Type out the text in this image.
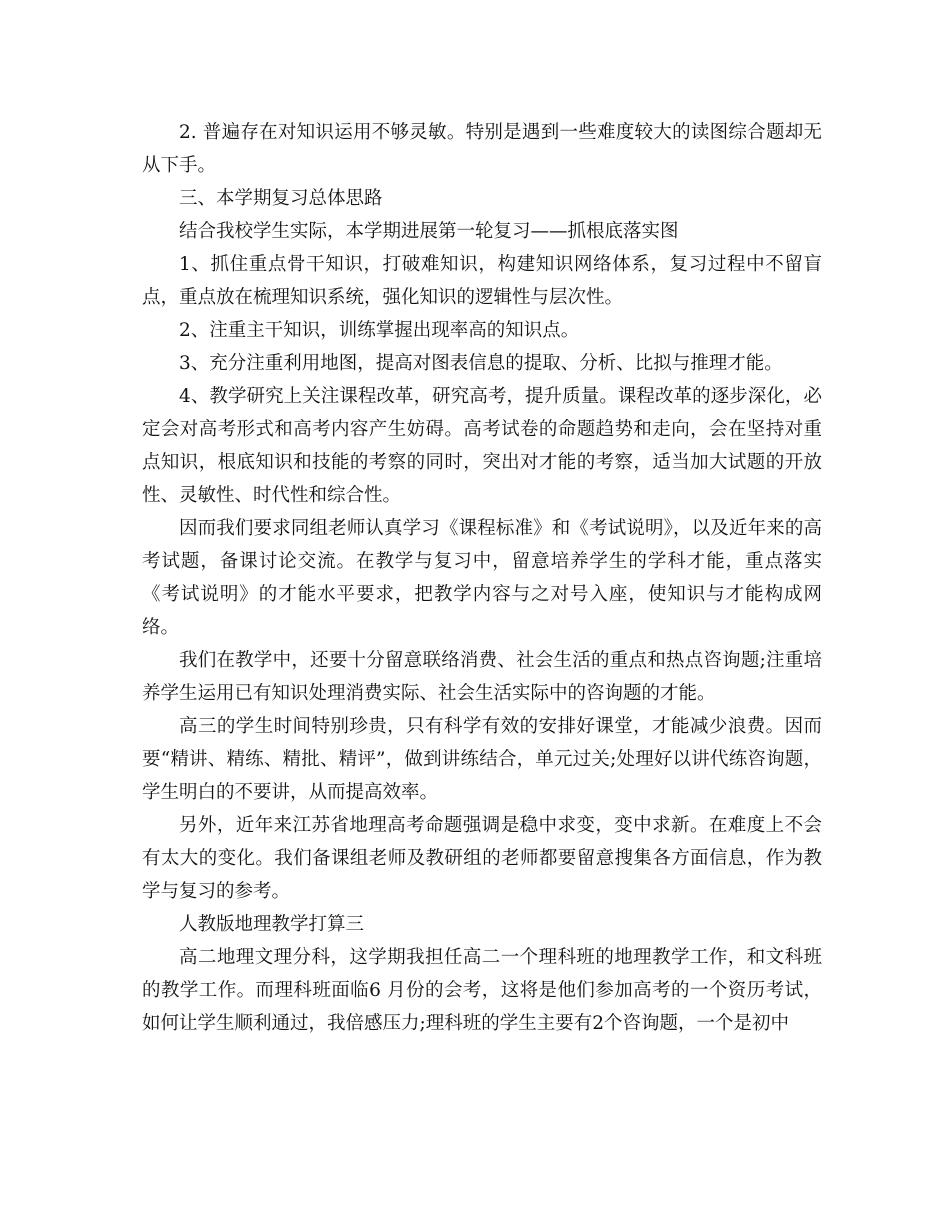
2. 普遍存在对知识运用不够灵敏。特别是遇到一些难度较大的读图综合题却无从下手。

三、本学期复习总体思路

结合我校学生实际，本学期进展第一轮复习——抓根底落实图

1、抓住重点骨干知识，打破难知识，构建知识网络体系，复习过程中不留盲点，重点放在梳理知识系统，强化知识的逻辑性与层次性。

2、注重主干知识，训练掌握出现率高的知识点。

3、充分注重利用地图，提高对图表信息的提取、分析、比拟与推理才能。

4、教学研究上关注课程改革，研究高考，提升质量。课程改革的逐步深化，必定会对高考形式和高考内容产生妨碍。高考试卷的命题趋势和走向，会在坚持对重点知识，根底知识和技能的考察的同时，突出对才能的考察，适当加大试题的开放性、灵敏性、时代性和综合性。

因而我们要求同组老师认真学习《课程标准》和《考试说明》，以及近年来的高考试题，备课讨论交流。在教学与复习中，留意培养学生的学科才能，重点落实《考试说明》的才能水平要求，把教学内容与之对号入座，使知识与才能构成网络。

我们在教学中，还要十分留意联络消费、社会生活的重点和热点咨询题;注重培养学生运用已有知识处理消费实际、社会生活实际中的咨询题的才能。

高三的学生时间特别珍贵，只有科学有效的安排好课堂，才能减少浪费。因而要“精讲、精练、精批、精评”，做到讲练结合，单元过关;处理好以讲代练咨询题，学生明白的不要讲，从而提高效率。

另外，近年来江苏省地理高考命题强调是稳中求变，变中求新。在难度上不会有太大的变化。我们备课组老师及教研组的老师都要留意搜集各方面信息，作为教学与复习的参考。

人教版地理教学打算三

高二地理文理分科，这学期我担任高二一个理科班的地理教学工作，和文科班的教学工作。而理科班面临6 月份的会考，这将是他们参加高考的一个资历考试，如何让学生顺利通过，我倍感压力;理科班的学生主要有2个咨询题，一个是初中
